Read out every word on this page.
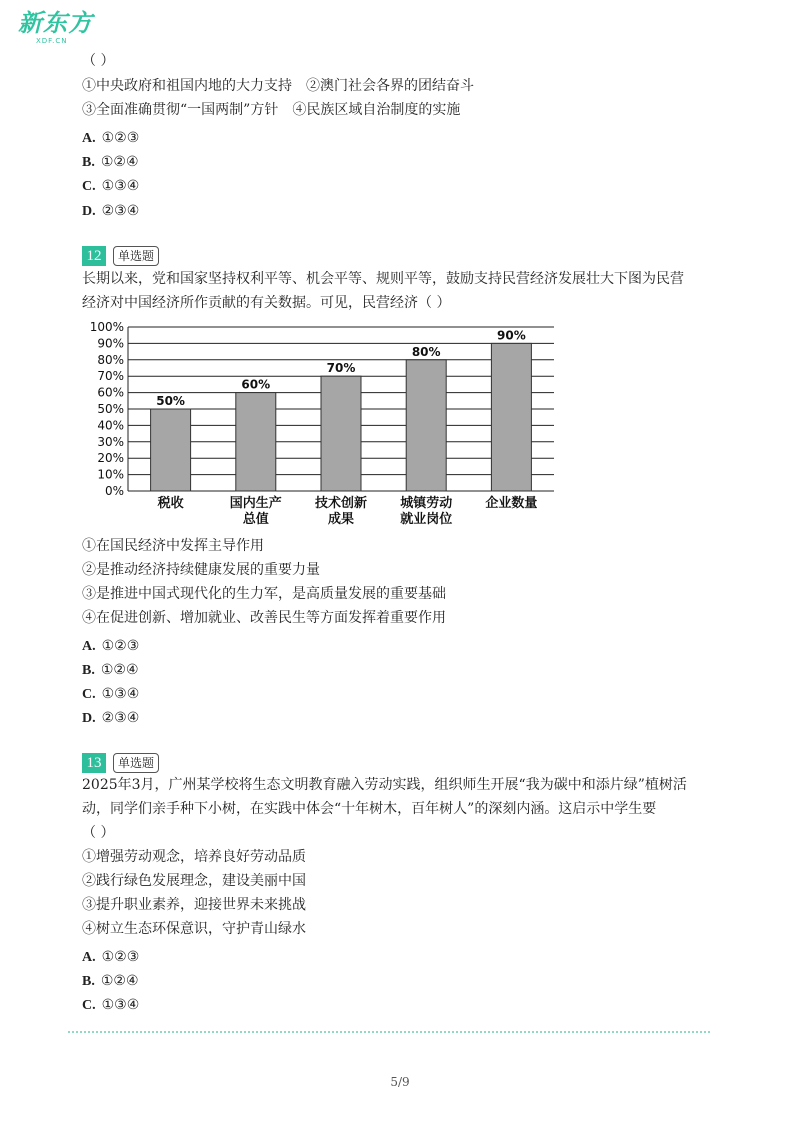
新东方
XDF.CN
（ ）
①中央政府和祖国内地的大力支持　②澳门社会各界的团结奋斗
③全面准确贯彻“一国两制”方针　④民族区域自治制度的实施
A. ①②③
B. ①②④
C. ①③④
D. ②③④
12	单选题
长期以来，党和国家坚持权利平等、机会平等、规则平等，鼓励支持民营经济发展壮大下图为民营
经济对中国经济所作贡献的有关数据。可见，民营经济（ ）
0%
10%
20%
30%
40%
50%
60%
70%
80%
90%
100%
50%
税收
60%
国内生产
总值
70%
技术创新
成果
80%
城镇劳动
就业岗位
90%
企业数量
①在国民经济中发挥主导作用
②是推动经济持续健康发展的重要力量
③是推进中国式现代化的生力军，是高质量发展的重要基础
④在促进创新、增加就业、改善民生等方面发挥着重要作用
A. ①②③
B. ①②④
C. ①③④
D. ②③④
13	单选题
2025年3月，广州某学校将生态文明教育融入劳动实践，组织师生开展“我为碳中和添片绿”植树活
动，同学们亲手种下小树，在实践中体会“十年树木，百年树人”的深刻内涵。这启示中学生要
（ ）
①增强劳动观念，培养良好劳动品质
②践行绿色发展理念，建设美丽中国
③提升职业素养，迎接世界未来挑战
④树立生态环保意识，守护青山绿水
A. ①②③
B. ①②④
C. ①③④
5/9
